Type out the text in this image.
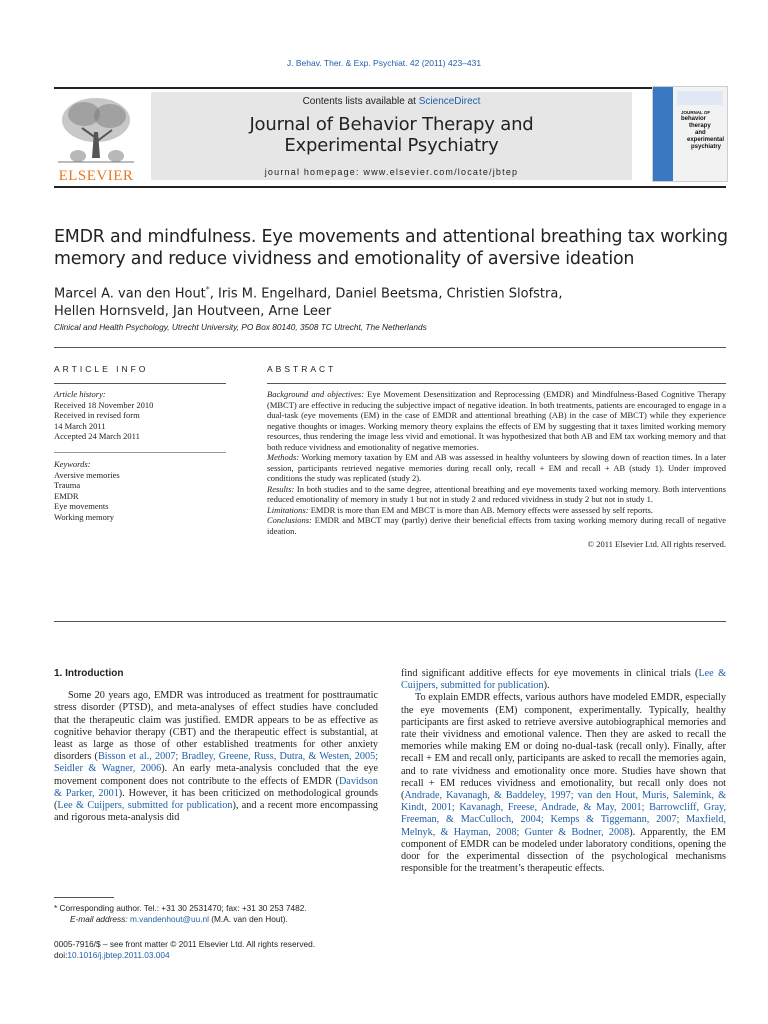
J. Behav. Ther. & Exp. Psychiat. 42 (2011) 423–431
ELSEVIER
Contents lists available at ScienceDirect
Journal of Behavior Therapy and
Experimental Psychiatry
journal homepage: www.elsevier.com/locate/jbtep
JOURNAL OF
behavior
therapy
and
experimental
psychiatry
EMDR and mindfulness. Eye movements and attentional breathing tax working
memory and reduce vividness and emotionality of aversive ideation
Marcel A. van den Hout*, Iris M. Engelhard, Daniel Beetsma, Christien Slofstra,
Hellen Hornsveld, Jan Houtveen, Arne Leer
Clinical and Health Psychology, Utrecht University, PO Box 80140, 3508 TC Utrecht, The Netherlands
ARTICLE INFO
Article history:
Received 18 November 2010
Received in revised form
14 March 2011
Accepted 24 March 2011
Keywords:
Aversive memories
Trauma
EMDR
Eye movements
Working memory
ABSTRACT

Background and objectives: Eye Movement Desensitization and Reprocessing (EMDR) and Mindfulness-Based Cognitive Therapy (MBCT) are effective in reducing the subjective impact of negative ideation. In both treatments, patients are encouraged to engage in a dual-task (eye movements (EM) in the case of EMDR and attentional breathing (AB) in the case of MBCT) while they experience negative thoughts or images. Working memory theory explains the effects of EM by suggesting that it taxes limited working memory resources, thus rendering the image less vivid and emotional. It was hypothesized that both AB and EM tax working memory and that both reduce vividness and emotionality of negative memories.

Methods: Working memory taxation by EM and AB was assessed in healthy volunteers by slowing down of reaction times. In a later session, participants retrieved negative memories during recall only, recall + EM and recall + AB (study 1). Under improved conditions the study was replicated (study 2).

Results: In both studies and to the same degree, attentional breathing and eye movements taxed working memory. Both interventions reduced emotionality of memory in study 1 but not in study 2 and reduced vividness in study 2 but not in study 1.

Limitations: EMDR is more than EM and MBCT is more than AB. Memory effects were assessed by self reports.

Conclusions: EMDR and MBCT may (partly) derive their beneficial effects from taxing working memory during recall of negative ideation.

© 2011 Elsevier Ltd. All rights reserved.

1. Introduction

Some 20 years ago, EMDR was introduced as treatment for posttraumatic stress disorder (PTSD), and meta-analyses of effect studies have concluded that the therapeutic claim was justified. EMDR appears to be as effective as cognitive behavior therapy (CBT) and the therapeutic effect is substantial, at least as large as those of other established treatments for other anxiety disorders (Bisson et al., 2007; Bradley, Greene, Russ, Dutra, & Westen, 2005; Seidler & Wagner, 2006). An early meta-analysis concluded that the eye movement component does not contribute to the effects of EMDR (Davidson & Parker, 2001). However, it has been criticized on methodological grounds (Lee & Cuijpers, submitted for publication), and a recent more encompassing and rigorous meta-analysis did

find significant additive effects for eye movements in clinical trials (Lee & Cuijpers, submitted for publication).

To explain EMDR effects, various authors have modeled EMDR, especially the eye movements (EM) component, experimentally. Typically, healthy participants are first asked to retrieve aversive autobiographical memories and rate their vividness and emotional valence. Then they are asked to recall the memories while making EM or doing no-dual-task (recall only). Finally, after recall + EM and recall only, participants are asked to recall the memories again, and to rate vividness and emotionality once more. Studies have shown that recall + EM reduces vividness and emotionality, but recall only does not (Andrade, Kavanagh, & Baddeley, 1997; van den Hout, Muris, Salemink, & Kindt, 2001; Kavanagh, Freese, Andrade, & May, 2001; Barrowcliff, Gray, Freeman, & MacCulloch, 2004; Kemps & Tiggemann, 2007; Maxfield, Melnyk, & Hayman, 2008; Gunter & Bodner, 2008). Apparently, the EM component of EMDR can be modeled under laboratory conditions, opening the door for the experimental dissection of the psychological mechanisms responsible for the treatment’s therapeutic effects.

* Corresponding author. Tel.: +31 30 2531470; fax: +31 30 253 7482.
E-mail address: m.vandenhout@uu.nl (M.A. van den Hout).
0005-7916/$ – see front matter © 2011 Elsevier Ltd. All rights reserved.
doi:10.1016/j.jbtep.2011.03.004
